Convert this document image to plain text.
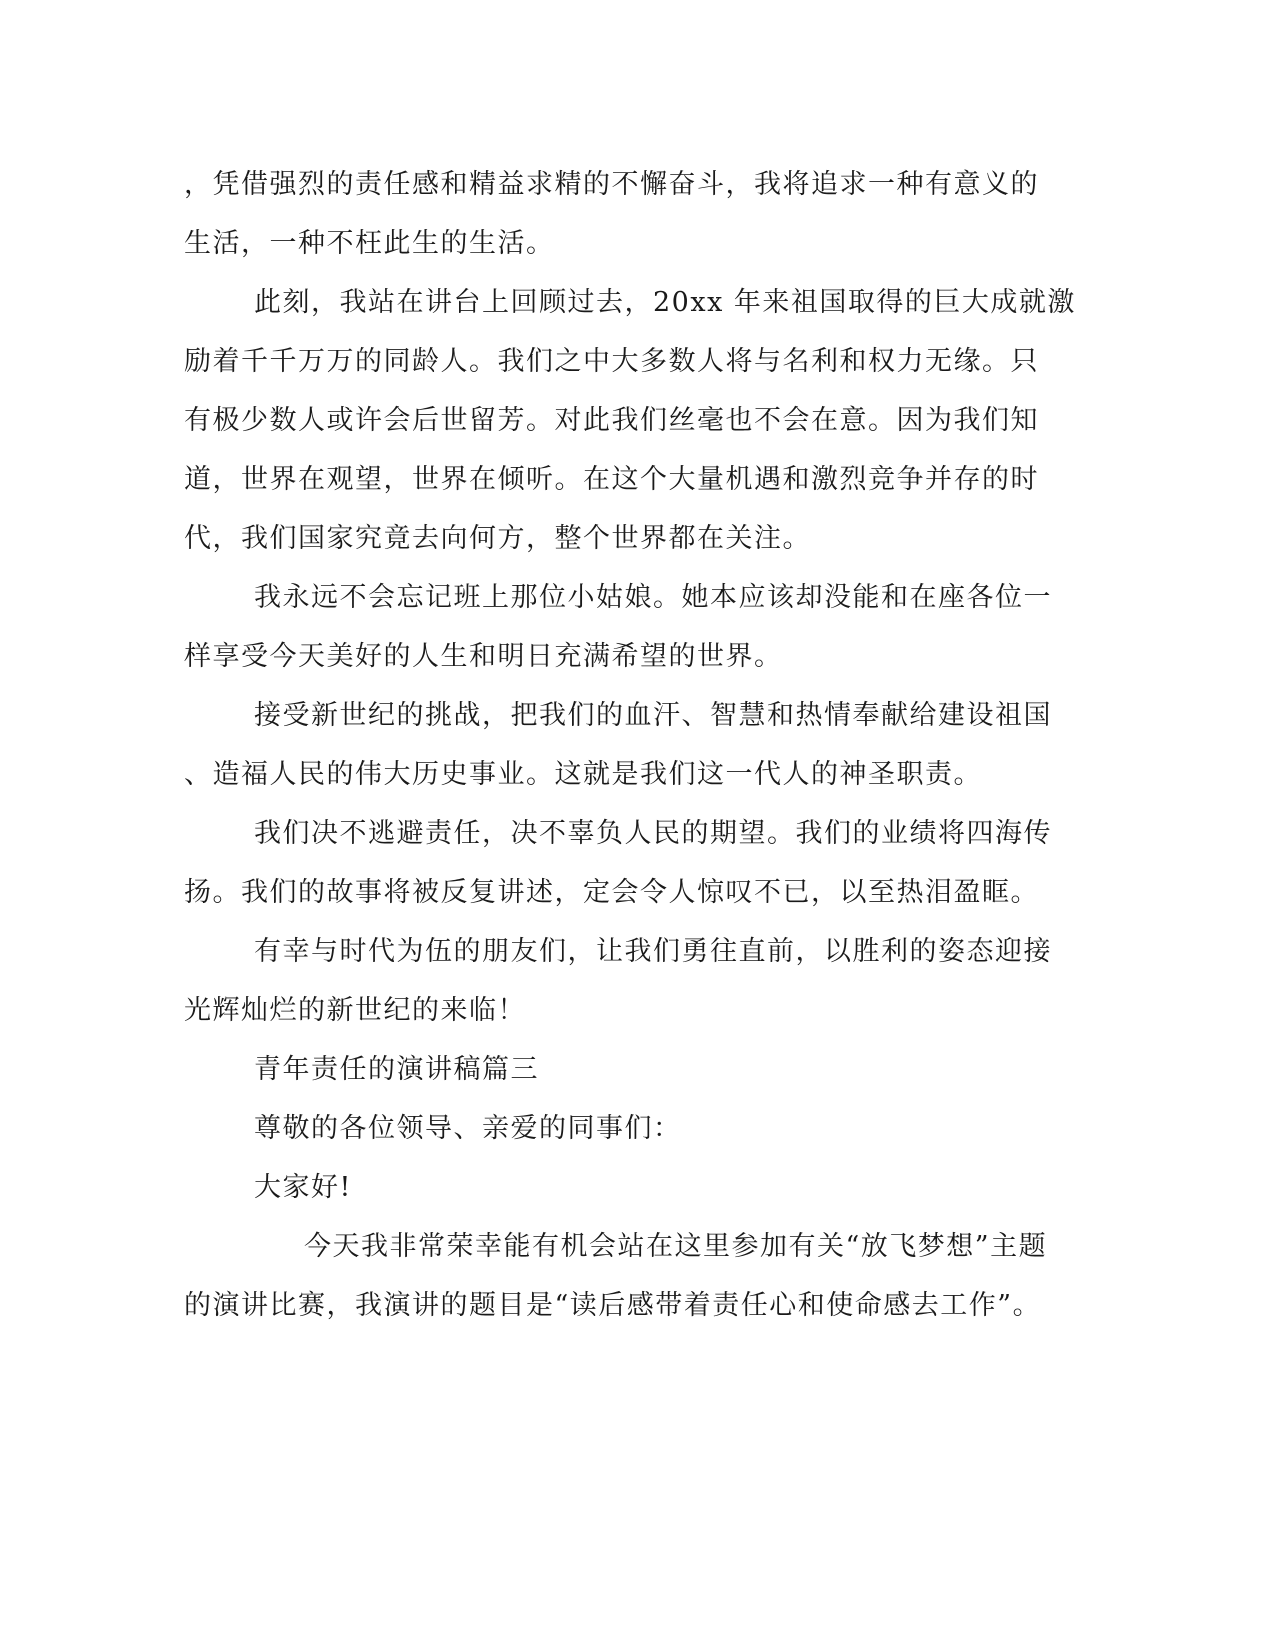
，凭借强烈的责任感和精益求精的不懈奋斗，我将追求一种有意义的
生活，一种不枉此生的生活。
此刻，我站在讲台上回顾过去，20xx 年来祖国取得的巨大成就激
励着千千万万的同龄人。我们之中大多数人将与名利和权力无缘。只
有极少数人或许会后世留芳。对此我们丝毫也不会在意。因为我们知
道，世界在观望，世界在倾听。在这个大量机遇和激烈竞争并存的时
代，我们国家究竟去向何方，整个世界都在关注。
我永远不会忘记班上那位小姑娘。她本应该却没能和在座各位一
样享受今天美好的人生和明日充满希望的世界。
接受新世纪的挑战，把我们的血汗、智慧和热情奉献给建设祖国
、造福人民的伟大历史事业。这就是我们这一代人的神圣职责。
我们决不逃避责任，决不辜负人民的期望。我们的业绩将四海传
扬。我们的故事将被反复讲述，定会令人惊叹不已，以至热泪盈眶。
有幸与时代为伍的朋友们，让我们勇往直前，以胜利的姿态迎接
光辉灿烂的新世纪的来临！
青年责任的演讲稿篇三
尊敬的各位领导、亲爱的同事们：
大家好!
今天我非常荣幸能有机会站在这里参加有关“放飞梦想”主题
的演讲比赛，我演讲的题目是“读后感带着责任心和使命感去工作”。
